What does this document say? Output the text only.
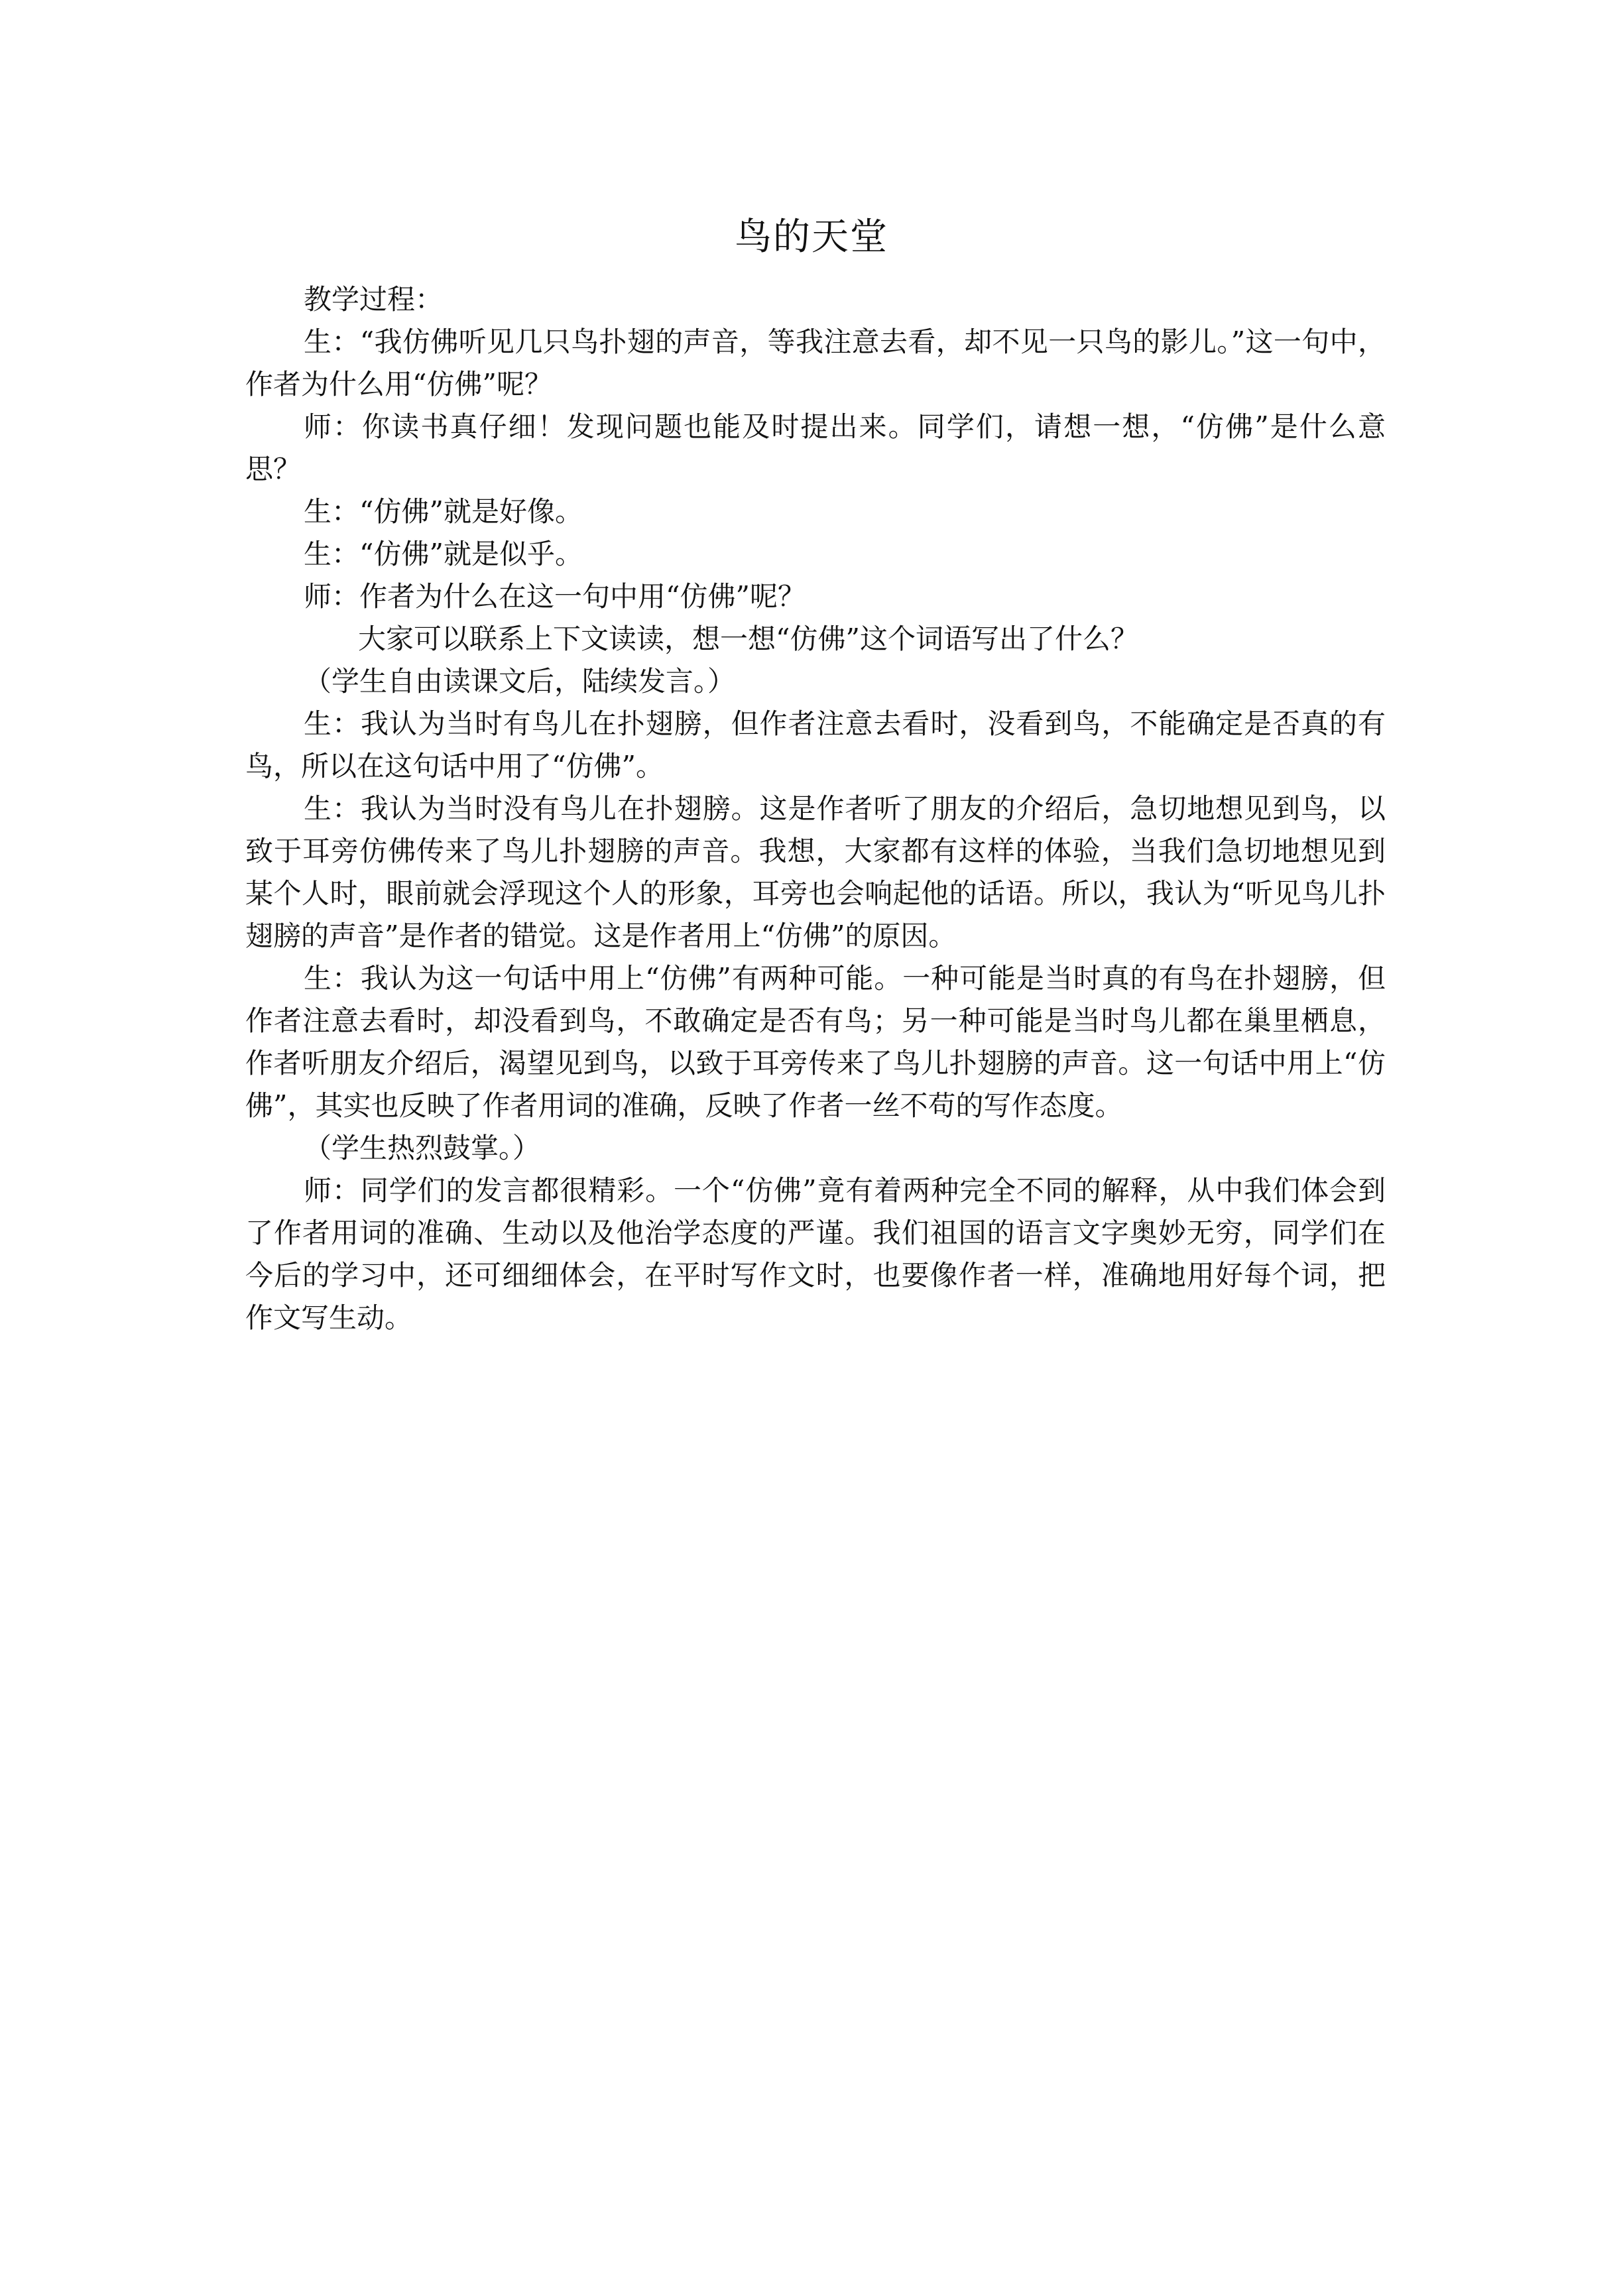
鸟的天堂

教学过程：

生：“我仿佛听见几只鸟扑翅的声音，等我注意去看，却不见一只鸟的影儿。”这一句中，作者为什么用“仿佛”呢？

师：你读书真仔细！发现问题也能及时提出来。同学们，请想一想，“仿佛”是什么意思？

生：“仿佛”就是好像。

生：“仿佛”就是似乎。

师：作者为什么在这一句中用“仿佛”呢？

大家可以联系上下文读读，想一想“仿佛”这个词语写出了什么？

（学生自由读课文后，陆续发言。）

生：我认为当时有鸟儿在扑翅膀，但作者注意去看时，没看到鸟，不能确定是否真的有鸟，所以在这句话中用了“仿佛”。

生：我认为当时没有鸟儿在扑翅膀。这是作者听了朋友的介绍后，急切地想见到鸟，以致于耳旁仿佛传来了鸟儿扑翅膀的声音。我想，大家都有这样的体验，当我们急切地想见到某个人时，眼前就会浮现这个人的形象，耳旁也会响起他的话语。所以，我认为“听见鸟儿扑翅膀的声音”是作者的错觉。这是作者用上“仿佛”的原因。

生：我认为这一句话中用上“仿佛”有两种可能。一种可能是当时真的有鸟在扑翅膀，但作者注意去看时，却没看到鸟，不敢确定是否有鸟；另一种可能是当时鸟儿都在巢里栖息，作者听朋友介绍后，渴望见到鸟，以致于耳旁传来了鸟儿扑翅膀的声音。这一句话中用上“仿佛”，其实也反映了作者用词的准确，反映了作者一丝不苟的写作态度。

（学生热烈鼓掌。）

师：同学们的发言都很精彩。一个“仿佛”竟有着两种完全不同的解释，从中我们体会到了作者用词的准确、生动以及他治学态度的严谨。我们祖国的语言文字奥妙无穷，同学们在今后的学习中，还可细细体会，在平时写作文时，也要像作者一样，准确地用好每个词，把作文写生动。
